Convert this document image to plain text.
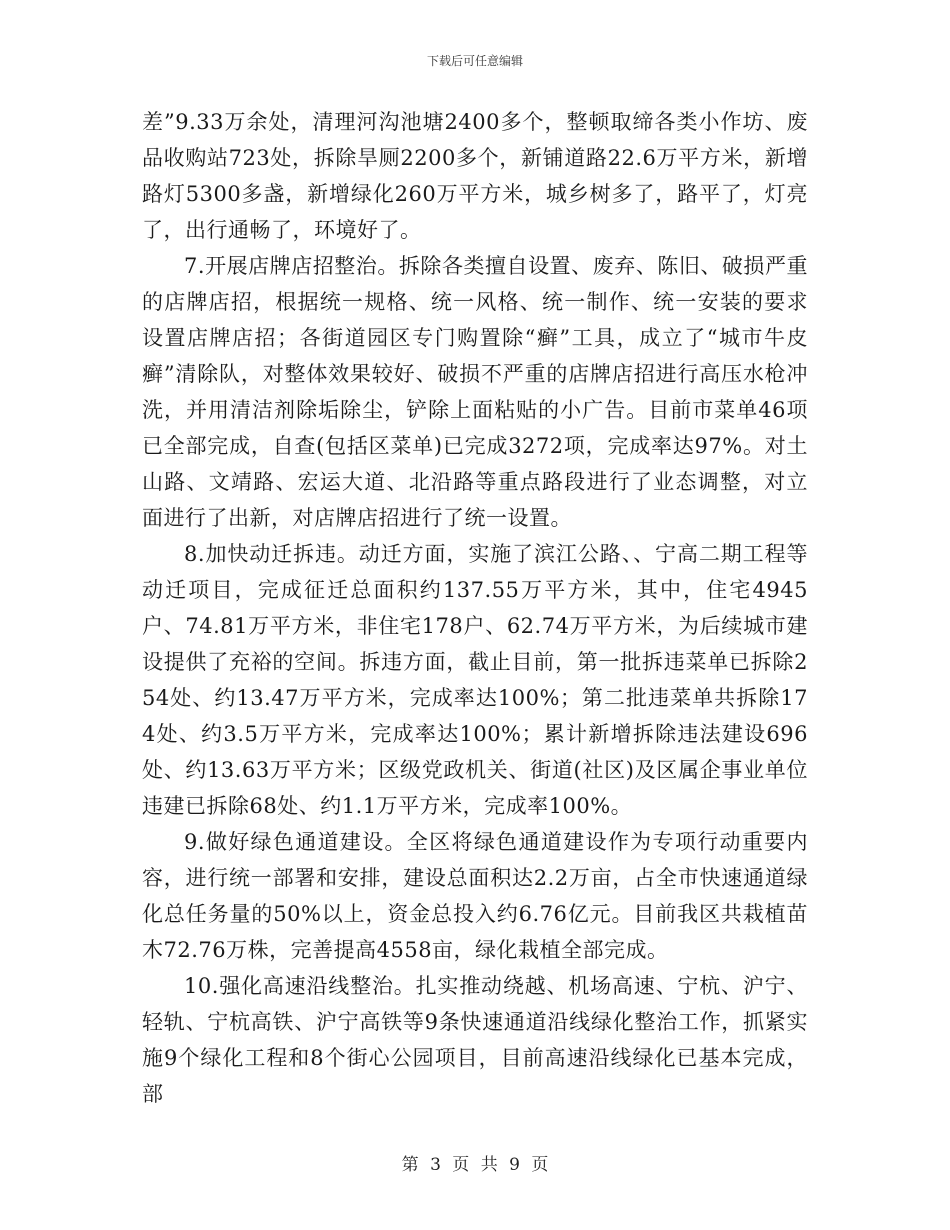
下载后可任意编辑

差”9.33万余处，清理河沟池塘2400多个，整顿取缔各类小作坊、废品收购站723处，拆除旱厕2200多个，新铺道路22.6万平方米，新增路灯5300多盏，新增绿化260万平方米，城乡树多了，路平了，灯亮了，出行通畅了，环境好了。

7.开展店牌店招整治。拆除各类擅自设置、废弃、陈旧、破损严重的店牌店招，根据统一规格、统一风格、统一制作、统一安装的要求设置店牌店招；各街道园区专门购置除“癣”工具，成立了“城市牛皮癣”清除队，对整体效果较好、破损不严重的店牌店招进行高压水枪冲洗，并用清洁剂除垢除尘，铲除上面粘贴的小广告。目前市菜单46项已全部完成，自查(包括区菜单)已完成3272项，完成率达97%。对土山路、文靖路、宏运大道、北沿路等重点路段进行了业态调整，对立面进行了出新，对店牌店招进行了统一设置。

8.加快动迁拆违。动迁方面，实施了滨江公路、、宁高二期工程等动迁项目，完成征迁总面积约137.55万平方米，其中，住宅4945户、74.81万平方米，非住宅178户、62.74万平方米，为后续城市建设提供了充裕的空间。拆违方面，截止目前，第一批拆违菜单已拆除254处、约13.47万平方米，完成率达100%；第二批违菜单共拆除174处、约3.5万平方米，完成率达100%；累计新增拆除违法建设696处、约13.63万平方米；区级党政机关、街道(社区)及区属企事业单位违建已拆除68处、约1.1万平方米，完成率100%。

9.做好绿色通道建设。全区将绿色通道建设作为专项行动重要内容，进行统一部署和安排，建设总面积达2.2万亩，占全市快速通道绿化总任务量的50%以上，资金总投入约6.76亿元。目前我区共栽植苗木72.76万株，完善提高4558亩，绿化栽植全部完成。

10.强化高速沿线整治。扎实推动绕越、机场高速、宁杭、沪宁、轻轨、宁杭高铁、沪宁高铁等9条快速通道沿线绿化整治工作，抓紧实施9个绿化工程和8个街心公园项目，目前高速沿线绿化已基本完成，部

第 3 页 共 9 页
